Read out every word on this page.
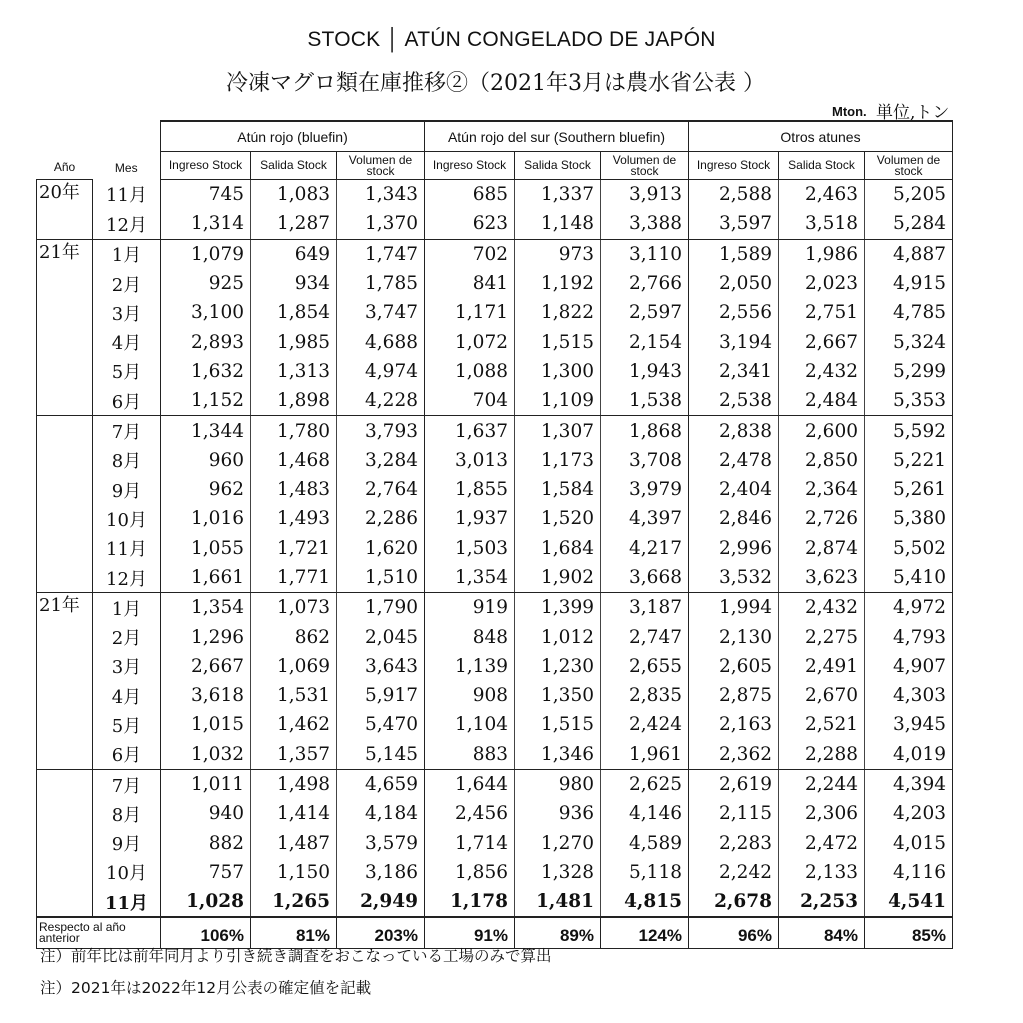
STOCK │ ATÚN CONGELADO DE JAPÓN
冷凍マグロ類在庫推移②（2021年3月は農水省公表 ）
Mton. 単位,トン
Año	Mes	Atún rojo (bluefin)			Atún rojo del sur (Southern bluefin)			Otros atunes		
		Ingreso Stock	Salida Stock	Volumen de stock	Ingreso Stock	Salida Stock	Volumen de stock	Ingreso Stock	Salida Stock	Volumen de stock
20年	11月	745	1,083	1,343	685	1,337	3,913	2,588	2,463	5,205
	12月	1,314	1,287	1,370	623	1,148	3,388	3,597	3,518	5,284
21年	1月	1,079	649	1,747	702	973	3,110	1,589	1,986	4,887
	2月	925	934	1,785	841	1,192	2,766	2,050	2,023	4,915
	3月	3,100	1,854	3,747	1,171	1,822	2,597	2,556	2,751	4,785
	4月	2,893	1,985	4,688	1,072	1,515	2,154	3,194	2,667	5,324
	5月	1,632	1,313	4,974	1,088	1,300	1,943	2,341	2,432	5,299
	6月	1,152	1,898	4,228	704	1,109	1,538	2,538	2,484	5,353
	7月	1,344	1,780	3,793	1,637	1,307	1,868	2,838	2,600	5,592
	8月	960	1,468	3,284	3,013	1,173	3,708	2,478	2,850	5,221
	9月	962	1,483	2,764	1,855	1,584	3,979	2,404	2,364	5,261
	10月	1,016	1,493	2,286	1,937	1,520	4,397	2,846	2,726	5,380
	11月	1,055	1,721	1,620	1,503	1,684	4,217	2,996	2,874	5,502
	12月	1,661	1,771	1,510	1,354	1,902	3,668	3,532	3,623	5,410
21年	1月	1,354	1,073	1,790	919	1,399	3,187	1,994	2,432	4,972
	2月	1,296	862	2,045	848	1,012	2,747	2,130	2,275	4,793
	3月	2,667	1,069	3,643	1,139	1,230	2,655	2,605	2,491	4,907
	4月	3,618	1,531	5,917	908	1,350	2,835	2,875	2,670	4,303
	5月	1,015	1,462	5,470	1,104	1,515	2,424	2,163	2,521	3,945
	6月	1,032	1,357	5,145	883	1,346	1,961	2,362	2,288	4,019
	7月	1,011	1,498	4,659	1,644	980	2,625	2,619	2,244	4,394
	8月	940	1,414	4,184	2,456	936	4,146	2,115	2,306	4,203
	9月	882	1,487	3,579	1,714	1,270	4,589	2,283	2,472	4,015
	10月	757	1,150	3,186	1,856	1,328	5,118	2,242	2,133	4,116
	11月	1,028	1,265	2,949	1,178	1,481	4,815	2,678	2,253	4,541
Respecto al año anterior		106%	81%	203%	91%	89%	124%	96%	84%	85%
注）前年比は前年同月より引き続き調査をおこなっている工場のみで算出
注）2021年は2022年12月公表の確定値を記載
